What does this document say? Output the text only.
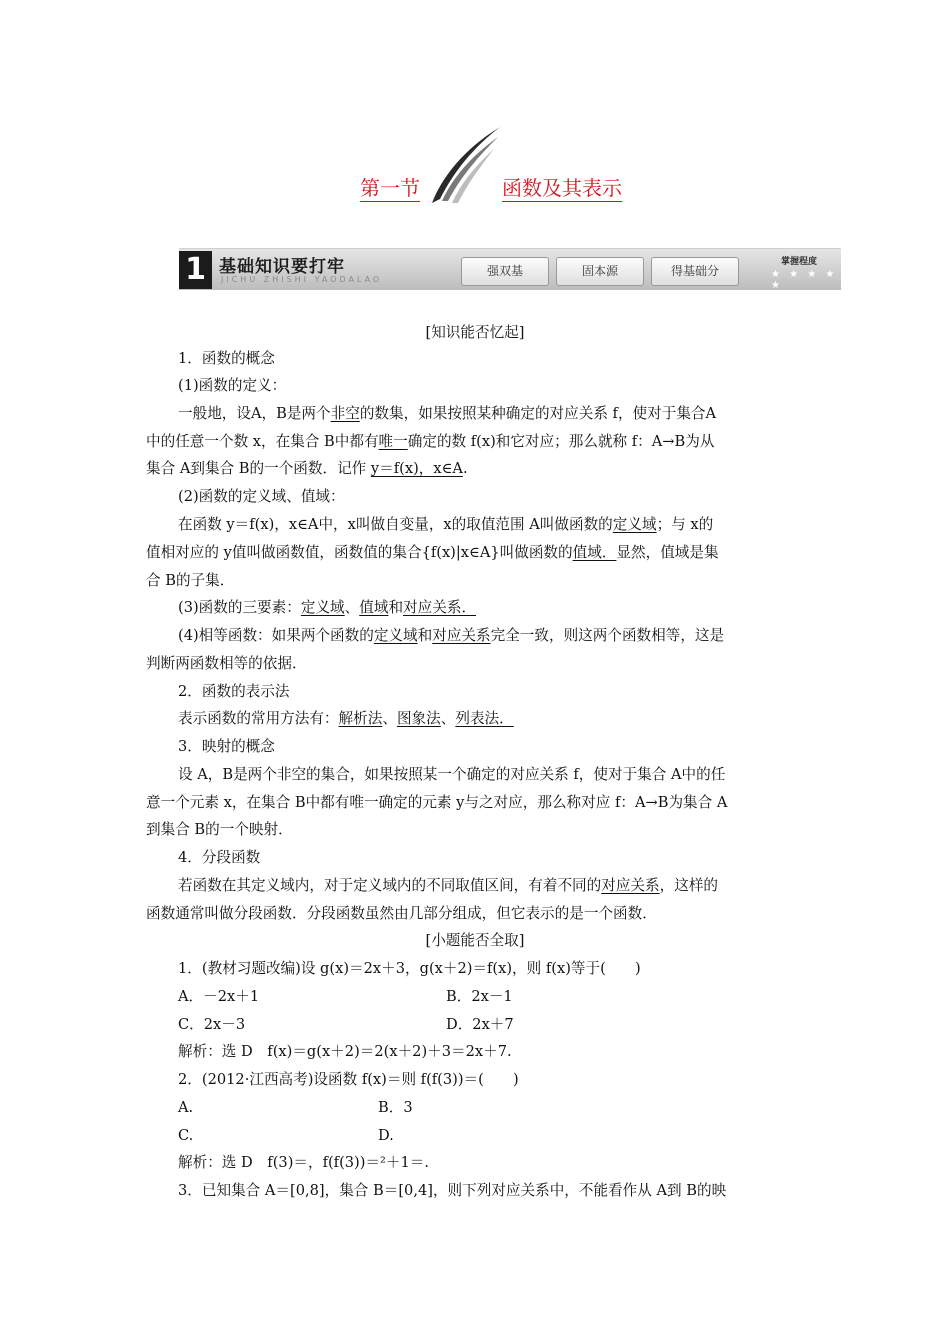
第一节	函数及其表示
1 基础知识要打牢
JICHU ZHISHI YAODALAO
强双基	固本源	得基础分
掌握程度
★ ★ ★ ★ ★
[知识能否忆起]
1．函数的概念
(1)函数的定义：
一般地，设A，B是两个非空的数集，如果按照某种确定的对应关系 f，使对于集合A
中的任意一个数 x，在集合 B中都有唯一确定的数 f(x)和它对应；那么就称 f：A→B为从
集合 A到集合 B的一个函数．记作 y＝f(x)，x∈A.
(2)函数的定义域、值域：
在函数 y＝f(x)，x∈A中，x叫做自变量，x的取值范围 A叫做函数的定义域；与 x的
值相对应的 y值叫做函数值，函数值的集合{f(x)|x∈A}叫做函数的值域．显然，值域是集
合 B的子集．
(3)函数的三要素：定义域、值域和对应关系．
(4)相等函数：如果两个函数的定义域和对应关系完全一致，则这两个函数相等，这是
判断两函数相等的依据．
2．函数的表示法
表示函数的常用方法有：解析法、图象法、列表法．
3．映射的概念
设 A，B是两个非空的集合，如果按照某一个确定的对应关系 f，使对于集合 A中的任
意一个元素 x，在集合 B中都有唯一确定的元素 y与之对应，那么称对应 f：A→B为集合 A
到集合 B的一个映射．
4．分段函数
若函数在其定义域内，对于定义域内的不同取值区间，有着不同的对应关系，这样的
函数通常叫做分段函数．分段函数虽然由几部分组成，但它表示的是一个函数．
[小题能否全取]
1．(教材习题改编)设 g(x)＝2x＋3，g(x＋2)＝f(x)，则 f(x)等于(　　)
A．－2x＋1	B．2x－1
C．2x－3	D．2x＋7
解析：选 D　f(x)＝g(x＋2)＝2(x＋2)＋3＝2x＋7.
2．(2012·江西高考)设函数 f(x)＝则 f(f(3))＝(　　)
A.	B．3
C.	D.
解析：选 D　f(3)＝，f(f(3))＝²＋1＝.
3．已知集合 A＝[0,8]，集合 B＝[0,4]，则下列对应关系中，不能看作从 A到 B的映
